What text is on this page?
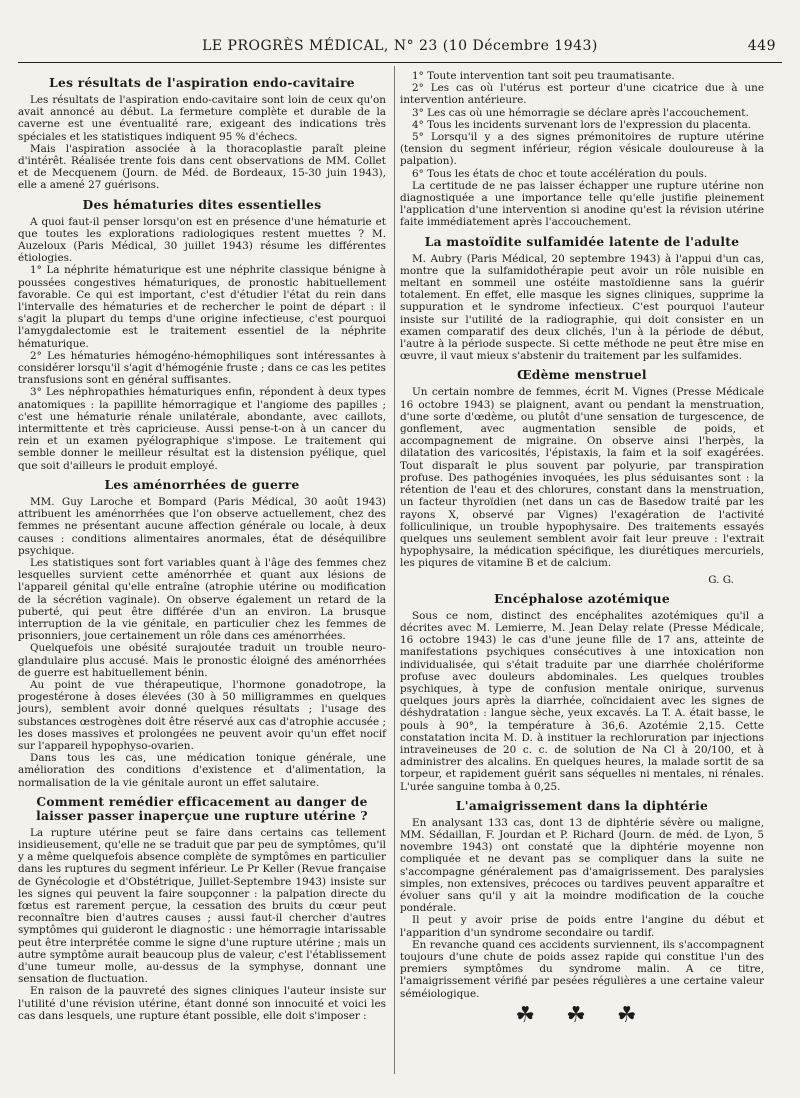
LE PROGRÈS MÉDICAL, N° 23 (10 Décembre 1943)	449
Les résultats de l'aspiration endo-cavitaire

Les résultats de l'aspiration endo-cavitaire sont loin de ceux qu'on avait annoncé au début. La fermeture complète et durable de la caverne est une éventualité rare, exigeant des indications très spéciales et les statistiques indiquent 95 % d'échecs.

Mais l'aspiration associée à la thoracoplastie paraît pleine d'intérêt. Réalisée trente fois dans cent observations de MM. Collet et de Mecquenem (Journ. de Méd. de Bordeaux, 15-30 juin 1943), elle a amené 27 guérisons.

Des hématuries dites essentielles

A quoi faut-il penser lorsqu'on est en présence d'une hématurie et que toutes les explorations radiologiques restent muettes ? M. Auzeloux (Paris Médical, 30 juillet 1943) résume les différentes étiologies.

1° La néphrite hématurique est une néphrite classique bénigne à poussées congestives hématuriques, de pronostic habituellement favorable. Ce qui est important, c'est d'étudier l'état du rein dans l'intervalle des hématuries et de rechercher le point de départ : il s'agit la plupart du temps d'une origine infectieuse, c'est pourquoi l'amygdalectomie est le traitement essentiel de la néphrite hématurique.

2° Les hématuries hémogéno-hémophiliques sont intéressantes à considérer lorsqu'il s'agit d'hémogénie fruste ; dans ce cas les petites transfusions sont en général suffisantes.

3° Les néphropathies hématuriques enfin, répondent à deux types anatomiques : la papillite hémorragique et l'angiome des papilles ; c'est une hématurie rénale unilatérale, abondante, avec caillots, intermittente et très capricieuse. Aussi pense-t-on à un cancer du rein et un examen pyélographique s'impose. Le traitement qui semble donner le meilleur résultat est la distension pyélique, quel que soit d'ailleurs le produit employé.

Les aménorrhées de guerre

MM. Guy Laroche et Bompard (Paris Médical, 30 août 1943) attribuent les aménorrhées que l'on observe actuellement, chez des femmes ne présentant aucune affection générale ou locale, à deux causes : conditions alimentaires anormales, état de déséquilibre psychique.

Les statistiques sont fort variables quant à l'âge des femmes chez lesquelles survient cette aménorrhée et quant aux lésions de l'appareil génital qu'elle entraîne (atrophie utérine ou modification de la sécrétion vaginale). On observe également un retard de la puberté, qui peut être différée d'un an environ. La brusque interruption de la vie génitale, en particulier chez les femmes de prisonniers, joue certainement un rôle dans ces aménorrhées.

Quelquefois une obésité surajoutée traduit un trouble neuro-glandulaire plus accusé. Mais le pronostic éloigné des aménorrhées de guerre est habituellement bénin.

Au point de vue thérapeutique, l'hormone gonadotrope, la progestérone à doses élevées (30 à 50 milligrammes en quelques jours), semblent avoir donné quelques résultats ; l'usage des substances œstrogènes doit être réservé aux cas d'atrophie accusée ; les doses massives et prolongées ne peuvent avoir qu'un effet nocif sur l'appareil hypophyso-ovarien.

Dans tous les cas, une médication tonique générale, une amélioration des conditions d'existence et d'alimentation, la normalisation de la vie génitale auront un effet salutaire.

Comment remédier efficacement au danger de laisser passer inaperçue une rupture utérine ?

La rupture utérine peut se faire dans certains cas tellement insidieusement, qu'elle ne se traduit que par peu de symptômes, qu'il y a même quelquefois absence complète de symptômes en particulier dans les ruptures du segment inférieur. Le Pr Keller (Revue française de Gynécologie et d'Obstétrique, Juillet-Septembre 1943) insiste sur les signes qui peuvent la faire soupçonner : la palpation directe du fœtus est rarement perçue, la cessation des bruits du cœur peut reconnaître bien d'autres causes ; aussi faut-il chercher d'autres symptômes qui guideront le diagnostic : une hémorragie intarissable peut être interprétée comme le signe d'une rupture utérine ; mais un autre symptôme aurait beaucoup plus de valeur, c'est l'établissement d'une tumeur molle, au-dessus de la symphyse, donnant une sensation de fluctuation.

En raison de la pauvreté des signes cliniques l'auteur insiste sur l'utilité d'une révision utérine, étant donné son innocuité et voici les cas dans lesquels, une rupture étant possible, elle doit s'imposer :

1° Toute intervention tant soit peu traumatisante.

2° Les cas où l'utérus est porteur d'une cicatrice due à une intervention antérieure.

3° Les cas où une hémorragie se déclare après l'accouchement.

4° Tous les incidents survenant lors de l'expression du placenta.

5° Lorsqu'il y a des signes prémonitoires de rupture utérine (tension du segment inférieur, région vésicale douloureuse à la palpation).

6° Tous les états de choc et toute accélération du pouls.

La certitude de ne pas laisser échapper une rupture utérine non diagnostiquée a une importance telle qu'elle justifie pleinement l'application d'une intervention si anodine qu'est la révision utérine faite immédiatement après l'accouchement.

La mastoïdite sulfamidée latente de l'adulte

M. Aubry (Paris Médical, 20 septembre 1943) à l'appui d'un cas, montre que la sulfamidothérapie peut avoir un rôle nuisible en meltant en sommeil une ostéite mastoïdienne sans la guérir totalement. En effet, elle masque les signes cliniques, supprime la suppuration et le syndrome infectieux. C'est pourquoi l'auteur insiste sur l'utilité de la radiographie, qui doit consister en un examen comparatif des deux clichés, l'un à la période de début, l'autre à la période suspecte. Si cette méthode ne peut être mise en œuvre, il vaut mieux s'abstenir du traitement par les sulfamides.

Œdème menstruel

Un certain nombre de femmes, écrit M. Vignes (Presse Médicale 16 octobre 1943) se plaignent, avant ou pendant la menstruation, d'une sorte d'œdème, ou plutôt d'une sensation de turgescence, de gonflement, avec augmentation sensible de poids, et accompagnement de migraine. On observe ainsi l'herpès, la dilatation des varicosités, l'épistaxis, la faim et la soif exagérées. Tout disparaît le plus souvent par polyurie, par transpiration profuse. Des pathogénies invoquées, les plus séduisantes sont : la rétention de l'eau et des chlorures, constant dans la menstruation, un facteur thyroïdien (net dans un cas de Basedow traité par les rayons X, observé par Vignes) l'exagération de l'activité folliculinique, un trouble hypophysaire. Des traitements essayés quelques uns seulement semblent avoir fait leur preuve : l'extrait hypophysaire, la médication spécifique, les diurétiques mercuriels, les piqures de vitamine B et de calcium.

G. G.
Encéphalose azotémique

Sous ce nom, distinct des encéphalites azotémiques qu'il a décrites avec M. Lemierre, M. Jean Delay relate (Presse Médicale, 16 octobre 1943) le cas d'une jeune fille de 17 ans, atteinte de manifestations psychiques consécutives à une intoxication non individualisée, qui s'était traduite par une diarrhée cholériforme profuse avec douleurs abdominales. Les quelques troubles psychiques, à type de confusion mentale onirique, survenus quelques jours après la diarrhée, coïncidaient avec les signes de déshydratation : langue sèche, yeux excavés. La T. A. était basse, le pouls à 90°, la température à 36,6. Azotémie 2,15. Cette constatation incita M. D. à instituer la rechloruration par injections intraveineuses de 20 c. c. de solution de Na Cl à 20/100, et à administrer des alcalins. En quelques heures, la malade sortit de sa torpeur, et rapidement guérit sans séquelles ni mentales, ni rénales. L'urée sanguine tomba à 0,25.

L'amaigrissement dans la diphtérie

En analysant 133 cas, dont 13 de diphtérie sévère ou maligne, MM. Sédaillan, F. Jourdan et P. Richard (Journ. de méd. de Lyon, 5 novembre 1943) ont constaté que la diphtérie moyenne non compliquée et ne devant pas se compliquer dans la suite ne s'accompagne généralement pas d'amaigrissement. Des paralysies simples, non extensives, précoces ou tardives peuvent apparaître et évoluer sans qu'il y ait la moindre modification de la couche pondérale.

Il peut y avoir prise de poids entre l'angine du début et l'apparition d'un syndrome secondaire ou tardif.

En revanche quand ces accidents surviennent, ils s'accompagnent toujours d'une chute de poids assez rapide qui constitue l'un des premiers symptômes du syndrome malin. A ce titre, l'amaigrissement vérifié par pesées régulières a une certaine valeur séméiologique.

☘ ☘ ☘
